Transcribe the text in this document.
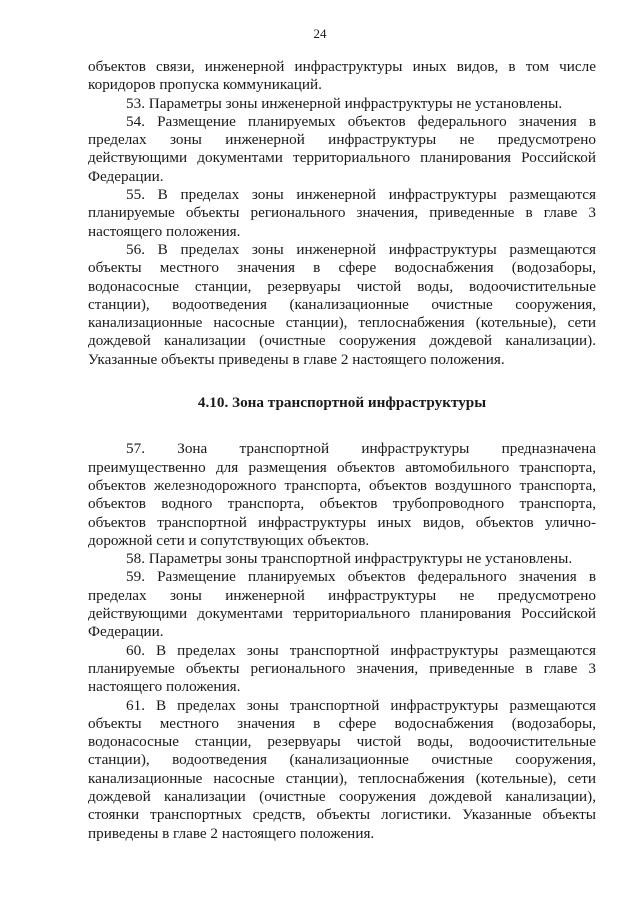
24

объектов связи, инженерной инфраструктуры иных видов, в том числе коридоров пропуска коммуникаций.

53. Параметры зоны инженерной инфраструктуры не установлены.

54. Размещение планируемых объектов федерального значения в пределах зоны инженерной инфраструктуры не предусмотрено действующими документами территориального планирования Российской Федерации.

55. В пределах зоны инженерной инфраструктуры размещаются планируемые объекты регионального значения, приведенные в главе 3 настоящего положения.

56. В пределах зоны инженерной инфраструктуры размещаются объекты местного значения в сфере водоснабжения (водозаборы, водонасосные станции, резервуары чистой воды, водоочистительные станции), водоотведения (канализационные очистные сооружения, канализационные насосные станции), теплоснабжения (котельные), сети дождевой канализации (очистные сооружения дождевой канализации). Указанные объекты приведены в главе 2 настоящего положения.

4.10. Зона транспортной инфраструктуры

57. Зона транспортной инфраструктуры предназначена преимущественно для размещения объектов автомобильного транспорта, объектов железнодорожного транспорта, объектов воздушного транспорта, объектов водного транспорта, объектов трубопроводного транспорта, объектов транспортной инфраструктуры иных видов, объектов улично-дорожной сети и сопутствующих объектов.

58. Параметры зоны транспортной инфраструктуры не установлены.

59. Размещение планируемых объектов федерального значения в пределах зоны инженерной инфраструктуры не предусмотрено действующими документами территориального планирования Российской Федерации.

60. В пределах зоны транспортной инфраструктуры размещаются планируемые объекты регионального значения, приведенные в главе 3 настоящего положения.

61. В пределах зоны транспортной инфраструктуры размещаются объекты местного значения в сфере водоснабжения (водозаборы, водонасосные станции, резервуары чистой воды, водоочистительные станции), водоотведения (канализационные очистные сооружения, канализационные насосные станции), теплоснабжения (котельные), сети дождевой канализации (очистные сооружения дождевой канализации), стоянки транспортных средств, объекты логистики. Указанные объекты приведены в главе 2 настоящего положения.
